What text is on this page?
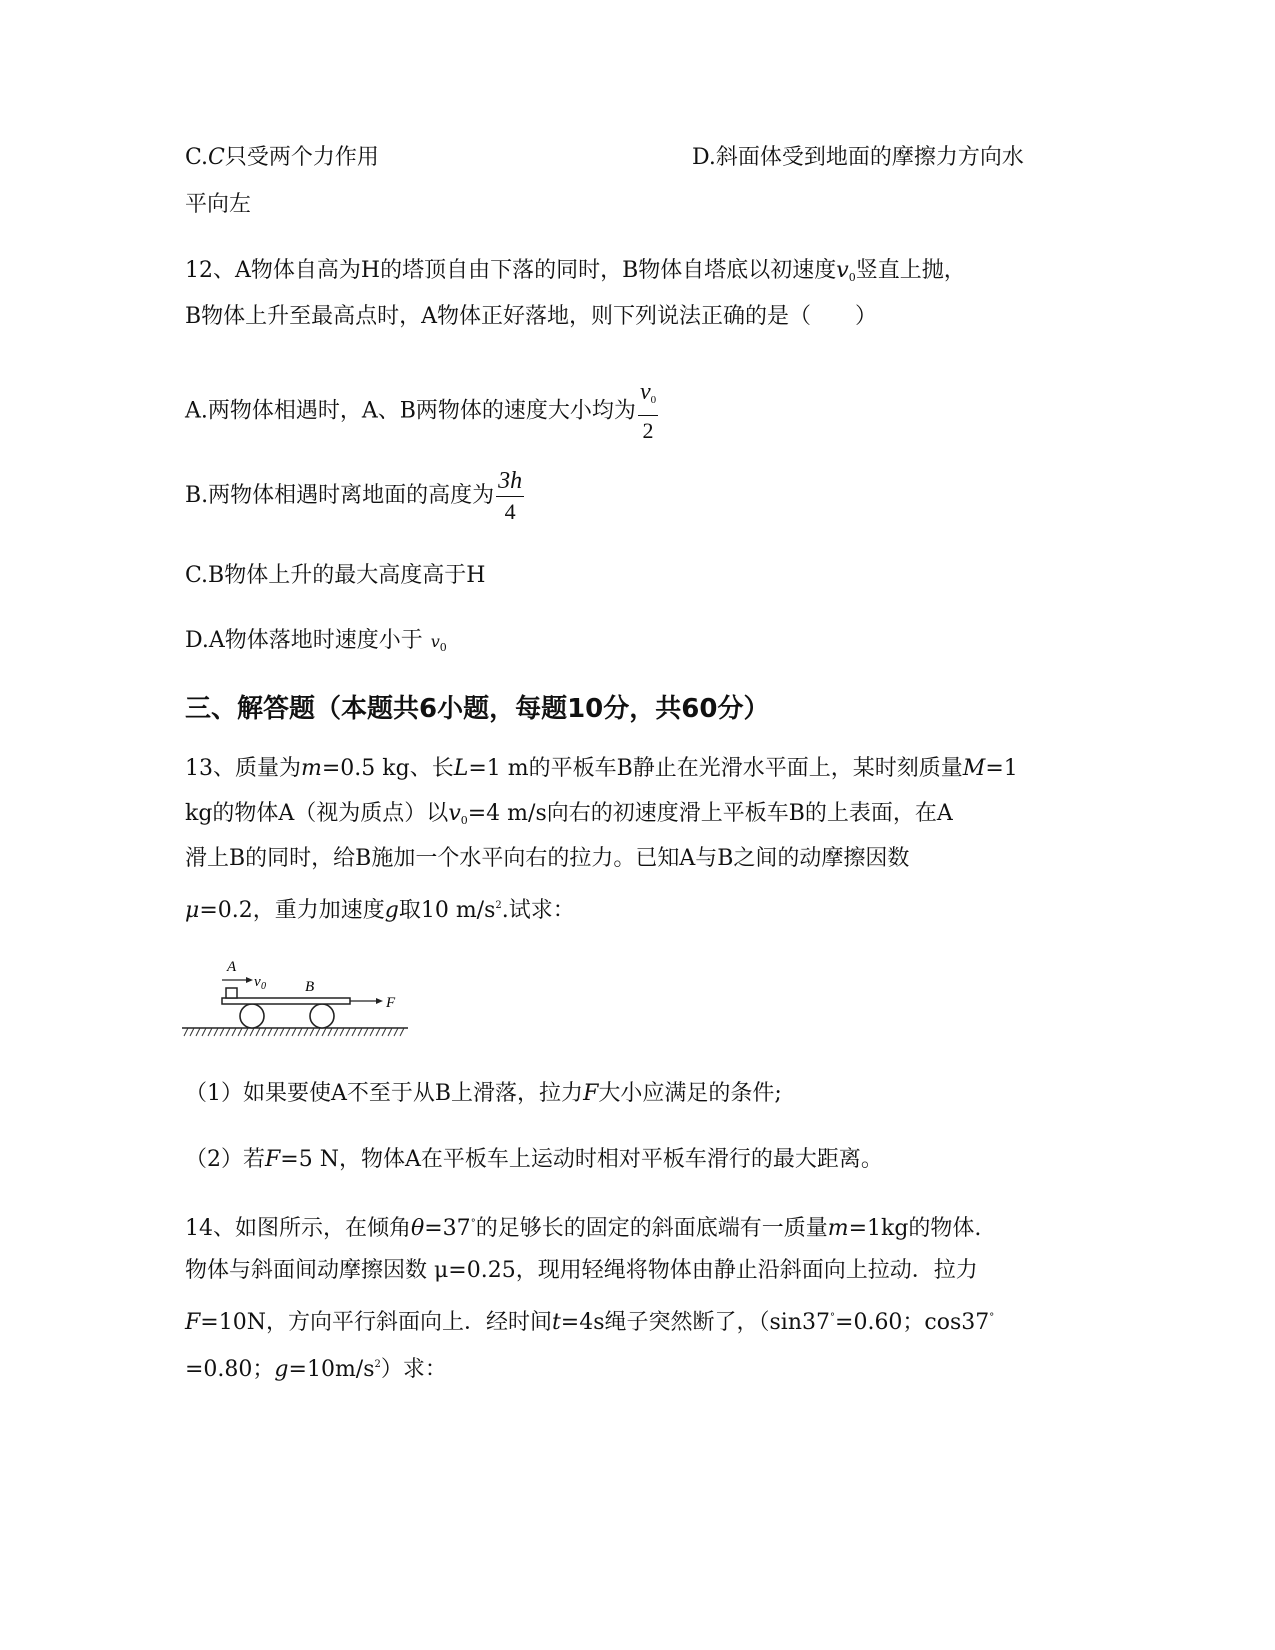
C.C只受两个力作用	D.斜面体受到地面的摩擦力方向水
平向左
12、A物体自高为H的塔顶自由下落的同时，B物体自塔底以初速度$v_0$竖直上抛，
B物体上升至最高点时，A物体正好落地，则下列说法正确的是（　　）
A.两物体相遇时，A、B两物体的速度大小均为 $\frac{v_0}{2}$
B.两物体相遇时离地面的高度为 $\frac{3h}{4}$
C.B物体上升的最大高度高于H
D.A物体落地时速度小于 $v_0$
三、解答题（本题共6小题，每题10分，共60分）
13、质量为m=0.5 kg、长L=1 m的平板车B静止在光滑水平面上，某时刻质量M=1
kg的物体A（视为质点）以$v_0=4$ m/s向右的初速度滑上平板车B的上表面，在A
滑上B的同时，给B施加一个水平向右的拉力。已知A与B之间的动摩擦因数
μ=0.2，重力加速度g取10 $m/s^2$.试求：
A
v 0	B
F
（1）如果要使A不至于从B上滑落，拉力F大小应满足的条件;
（2）若F=5 N，物体A在平板车上运动时相对平板车滑行的最大距离。
14、如图所示，在倾角θ=37°的足够长的固定的斜面底端有一质量m=1kg的物体.
物体与斜面间动摩擦因数 μ=0.25，现用轻绳将物体由静止沿斜面向上拉动．拉力
F=10N，方向平行斜面向上．经时间t=4s绳子突然断了，（sin37°=0.60；cos37°
=0.80；$g=10m/s^2$）求：
